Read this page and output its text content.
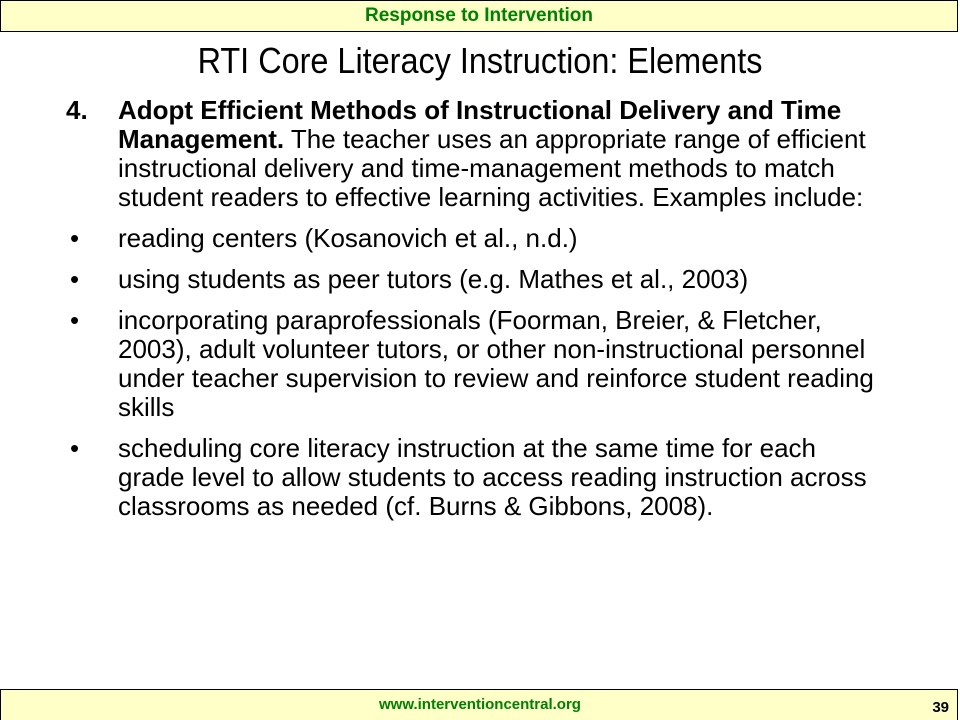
Response to Intervention
RTI Core Literacy Instruction: Elements
4.	Adopt Efficient Methods of Instructional Delivery and Time Management. The teacher uses an appropriate range of efficient instructional delivery and time-management methods to match student readers to effective learning activities. Examples include:
•	reading centers (Kosanovich et al., n.d.)
•	using students as peer tutors (e.g. Mathes et al., 2003)
•	incorporating paraprofessionals (Foorman, Breier, & Fletcher, 2003), adult volunteer tutors, or other non-instructional personnel under teacher supervision to review and reinforce student reading skills
•	scheduling core literacy instruction at the same time for each grade level to allow students to access reading instruction across classrooms as needed (cf. Burns & Gibbons, 2008).
www.interventioncentral.org	39
